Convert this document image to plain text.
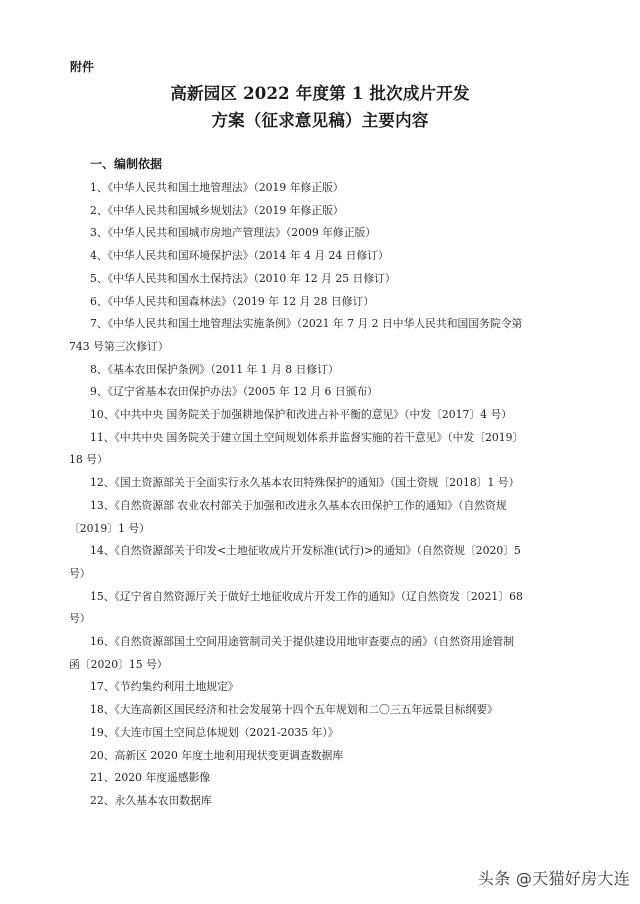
附件
高新园区 2022 年度第 1 批次成片开发
方案（征求意见稿）主要内容
一、编制依据
1、《中华人民共和国土地管理法》（2019 年修正版）
2、《中华人民共和国城乡规划法》（2019 年修正版）
3、《中华人民共和国城市房地产管理法》（2009 年修正版）
4、《中华人民共和国环境保护法》（2014 年 4 月 24 日修订）
5、《中华人民共和国水土保持法》（2010 年 12 月 25 日修订）
6、《中华人民共和国森林法》（2019 年 12 月 28 日修订）
7、《中华人民共和国土地管理法实施条例》（2021 年 7 月 2 日中华人民共和国国务院令第
743 号第三次修订）
8、《基本农田保护条例》（2011 年 1 月 8 日修订）
9、《辽宁省基本农田保护办法》（2005 年 12 月 6 日颁布）
10、《中共中央 国务院关于加强耕地保护和改进占补平衡的意见》（中发〔2017〕4 号）
11、《中共中央 国务院关于建立国土空间规划体系并监督实施的若干意见》（中发〔2019〕
18 号）
12、《国土资源部关于全面实行永久基本农田特殊保护的通知》（国土资规〔2018〕1 号）
13、《自然资源部 农业农村部关于加强和改进永久基本农田保护工作的通知》（自然资规
〔2019〕1 号）
14、《自然资源部关于印发<土地征收成片开发标准(试行)>的通知》（自然资规〔2020〕5
号）
15、《辽宁省自然资源厅关于做好土地征收成片开发工作的通知》（辽自然资发〔2021〕68
号）
16、《自然资源部国土空间用途管制司关于提供建设用地审查要点的函》（自然资用途管制
函〔2020〕15 号）
17、《节约集约利用土地规定》
18、《大连高新区国民经济和社会发展第十四个五年规划和二〇三五年远景目标纲要》
19、《大连市国土空间总体规划（2021-2035 年）》
20、高新区 2020 年度土地利用现状变更调查数据库
21、2020 年度遥感影像
22、永久基本农田数据库
头条 @天猫好房大连
